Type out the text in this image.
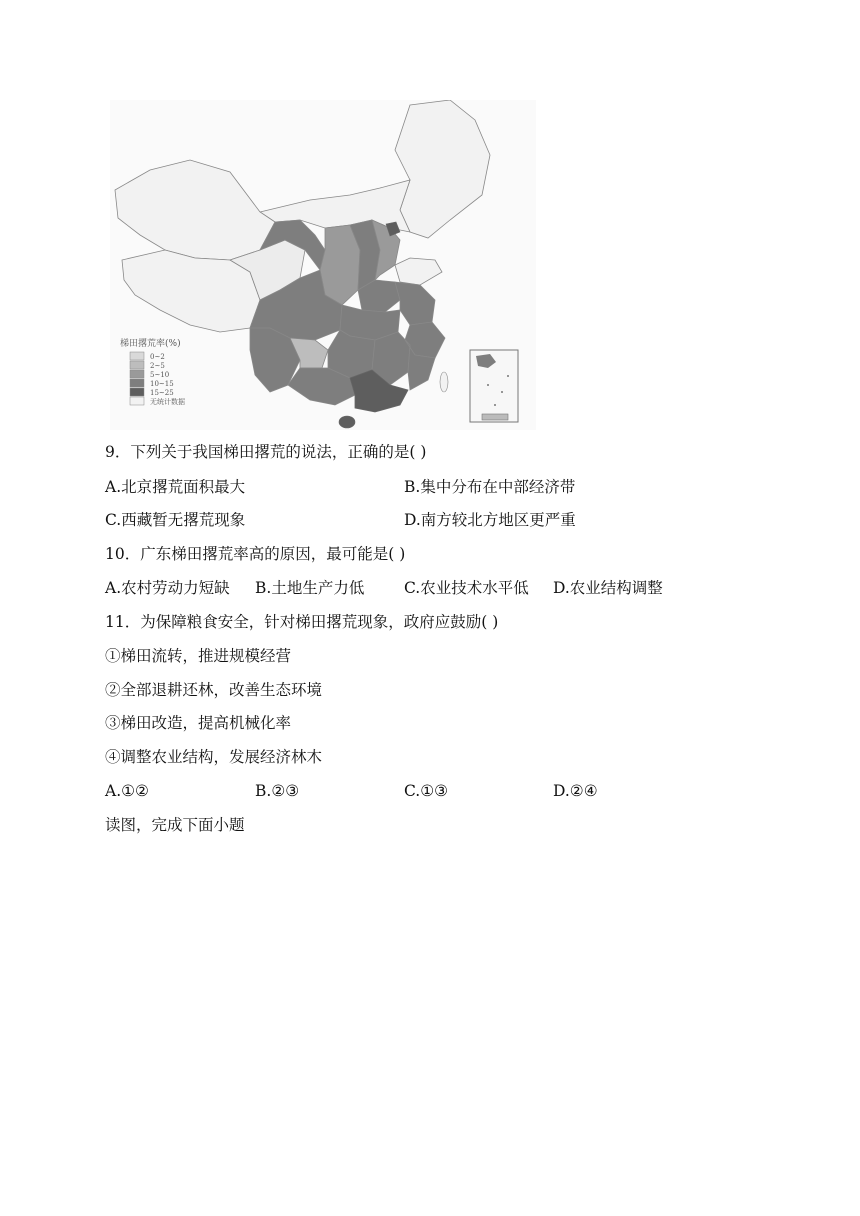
梯田撂荒率(%)
0~2
2~5
5~10
10~15
15~25
无统计数据
9．下列关于我国梯田撂荒的说法，正确的是( )
A.北京撂荒面积最大	B.集中分布在中部经济带
C.西藏暂无撂荒现象	D.南方较北方地区更严重
10．广东梯田撂荒率高的原因，最可能是( )
A.农村劳动力短缺 B.土地生产力低	C.农业技术水平低 D.农业结构调整
11．为保障粮食安全，针对梯田撂荒现象，政府应鼓励( )
①梯田流转，推进规模经营
②全部退耕还林，改善生态环境
③梯田改造，提高机械化率
④调整农业结构，发展经济林木
A.①②	B.②③	C.①③	D.②④
读图，完成下面小题
